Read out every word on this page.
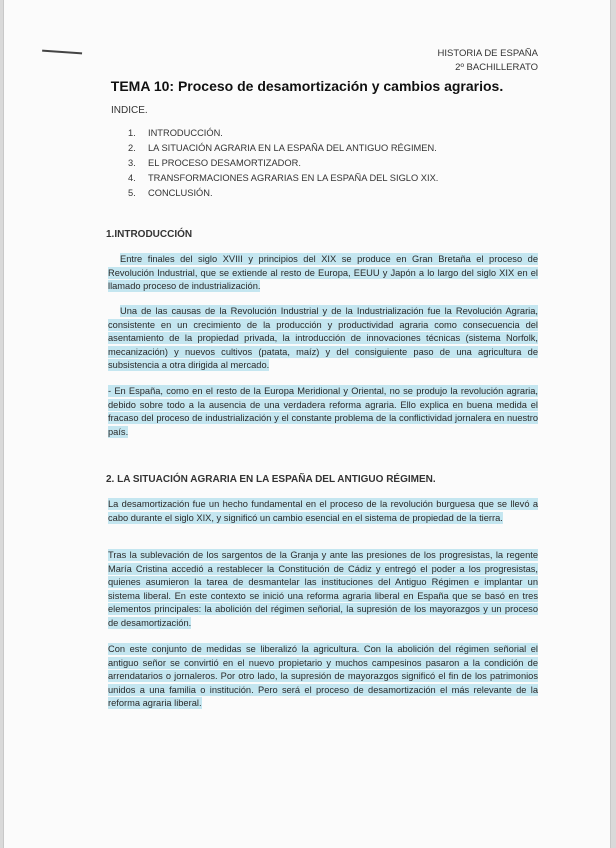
HISTORIA DE ESPAÑA
2º BACHILLERATO
TEMA 10: Proceso de desamortización y cambios agrarios.
INDICE.
1. INTRODUCCIÓN.
2. LA SITUACIÓN AGRARIA EN LA ESPAÑA DEL ANTIGUO RÉGIMEN.
3. EL PROCESO DESAMORTIZADOR.
4. TRANSFORMACIONES AGRARIAS EN LA ESPAÑA DEL SIGLO XIX.
5. CONCLUSIÓN.
1.INTRODUCCIÓN

Entre finales del siglo XVIII y principios del XIX se produce en Gran Bretaña el proceso de Revolución Industrial, que se extiende al resto de Europa, EEUU y Japón a lo largo del siglo XIX en el llamado proceso de industrialización.

Una de las causas de la Revolución Industrial y de la Industrialización fue la Revolución Agraria, consistente en un crecimiento de la producción y productividad agraria como consecuencia del asentamiento de la propiedad privada, la introducción de innovaciones técnicas (sistema Norfolk, mecanización) y nuevos cultivos (patata, maíz) y del consiguiente paso de una agricultura de subsistencia a otra dirigida al mercado.

- En España, como en el resto de la Europa Meridional y Oriental, no se produjo la revolución agraria, debido sobre todo a la ausencia de una verdadera reforma agraria. Ello explica en buena medida el fracaso del proceso de industrialización y el constante problema de la conflictividad jornalera en nuestro país.

2. LA SITUACIÓN AGRARIA EN LA ESPAÑA DEL ANTIGUO RÉGIMEN.

La desamortización fue un hecho fundamental en el proceso de la revolución burguesa que se llevó a cabo durante el siglo XIX, y significó un cambio esencial en el sistema de propiedad de la tierra.

Tras la sublevación de los sargentos de la Granja y ante las presiones de los progresistas, la regente María Cristina accedió a restablecer la Constitución de Cádiz y entregó el poder a los progresistas, quienes asumieron la tarea de desmantelar las instituciones del Antiguo Régimen e implantar un sistema liberal. En este contexto se inició una reforma agraria liberal en España que se basó en tres elementos principales: la abolición del régimen señorial, la supresión de los mayorazgos y un proceso de desamortización.

Con este conjunto de medidas se liberalizó la agricultura. Con la abolición del régimen señorial el antiguo señor se convirtió en el nuevo propietario y muchos campesinos pasaron a la condición de arrendatarios o jornaleros. Por otro lado, la supresión de mayorazgos significó el fin de los patrimonios unidos a una familia o institución. Pero será el proceso de desamortización el más relevante de la reforma agraria liberal.
